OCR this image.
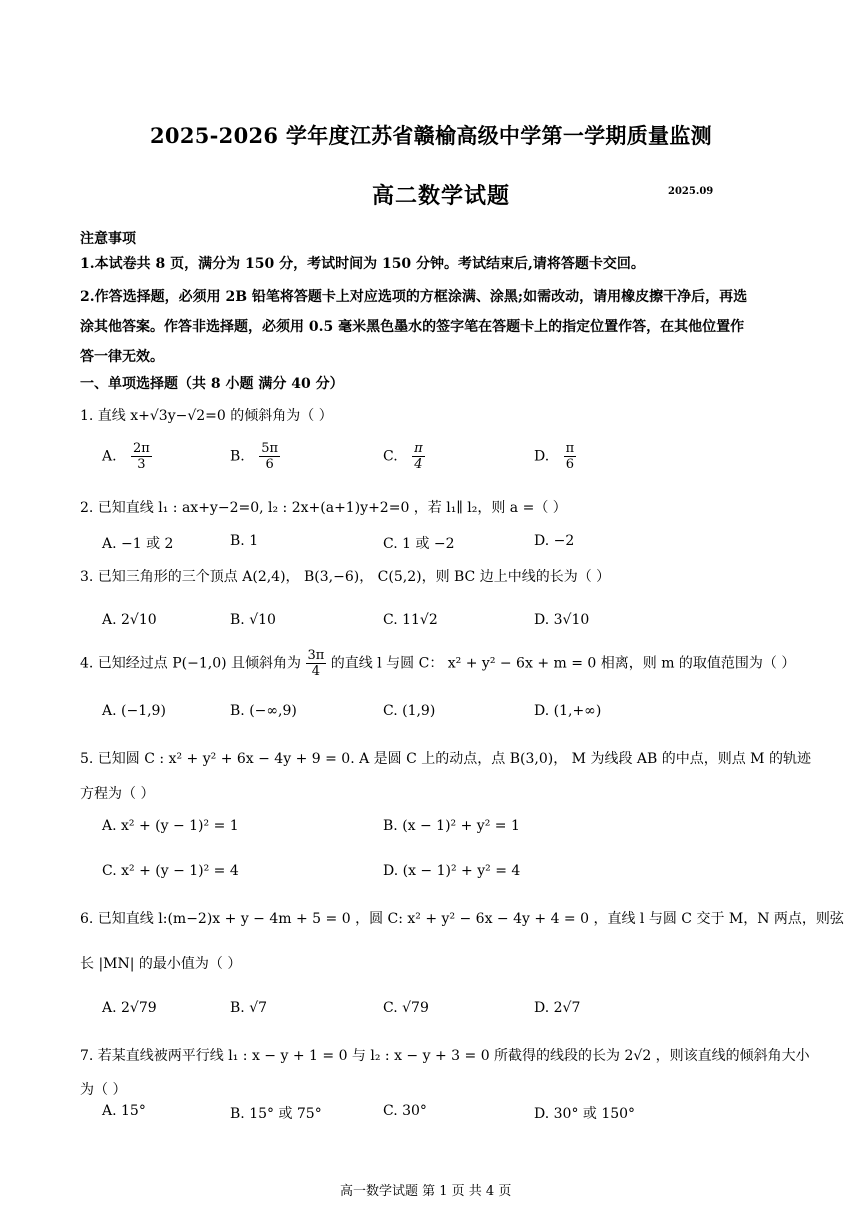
2025-2026 学年度江苏省赣榆高级中学第一学期质量监测
高二数学试题	2025.09
注意事项
1.本试卷共 8 页，满分为 150 分，考试时间为 150 分钟。考试结束后,请将答题卡交回。
2.作答选择题，必须用 2B 铅笔将答题卡上对应选项的方框涂满、涂黑;如需改动，请用橡皮擦干净后，再选
涂其他答案。作答非选择题，必须用 0.5 毫米黑色墨水的签字笔在答题卡上的指定位置作答，在其他位置作
答一律无效。
一、单项选择题（共 8 小题 满分 40 分）
1. 直线 x+√3y−√2=0 的倾斜角为（ ）
A. $\frac{2\pi}{3}$	B. $\frac{5\pi}{6}$	C. $\frac{\pi}{4}$	D. $\frac{\pi}{6}$
2. 已知直线 l₁ : ax+y−2=0, l₂ : 2x+(a+1)y+2=0 ，若 l₁∥ l₂，则 a =（ ）
A. −1 或 2	B. 1	C. 1 或 −2	D. −2
3. 已知三角形的三个顶点 A(2,4)， B(3,−6)， C(5,2)，则 BC 边上中线的长为（ ）
A. 2√10	B. √10	C. 11√2	D. 3√10
4. 已知经过点 P(−1,0) 且倾斜角为 $\frac{3\pi}{4}$ 的直线 l 与圆 C： x² + y² − 6x + m = 0 相离，则 m 的取值范围为（ ）
A. (−1,9)	B. (−∞,9)	C. (1,9)	D. (1,+∞)
5. 已知圆 C : x² + y² + 6x − 4y + 9 = 0. A 是圆 C 上的动点，点 B(3,0)， M 为线段 AB 的中点，则点 M 的轨迹
方程为（ ）
A. x² + (y − 1)² = 1	B. (x − 1)² + y² = 1
C. x² + (y − 1)² = 4	D. (x − 1)² + y² = 4
6. 已知直线 l:(m−2)x + y − 4m + 5 = 0 ，圆 C: x² + y² − 6x − 4y + 4 = 0 ，直线 l 与圆 C 交于 M，N 两点，则弦
长 |MN| 的最小值为（ ）
A. 2√79	B. √7	C. √79	D. 2√7
7. 若某直线被两平行线 l₁ : x − y + 1 = 0 与 l₂ : x − y + 3 = 0 所截得的线段的长为 2√2 ，则该直线的倾斜角大小
为（ ）
A. 15°	B. 15° 或 75°	C. 30°	D. 30° 或 150°
高一数学试题 第 1 页 共 4 页
